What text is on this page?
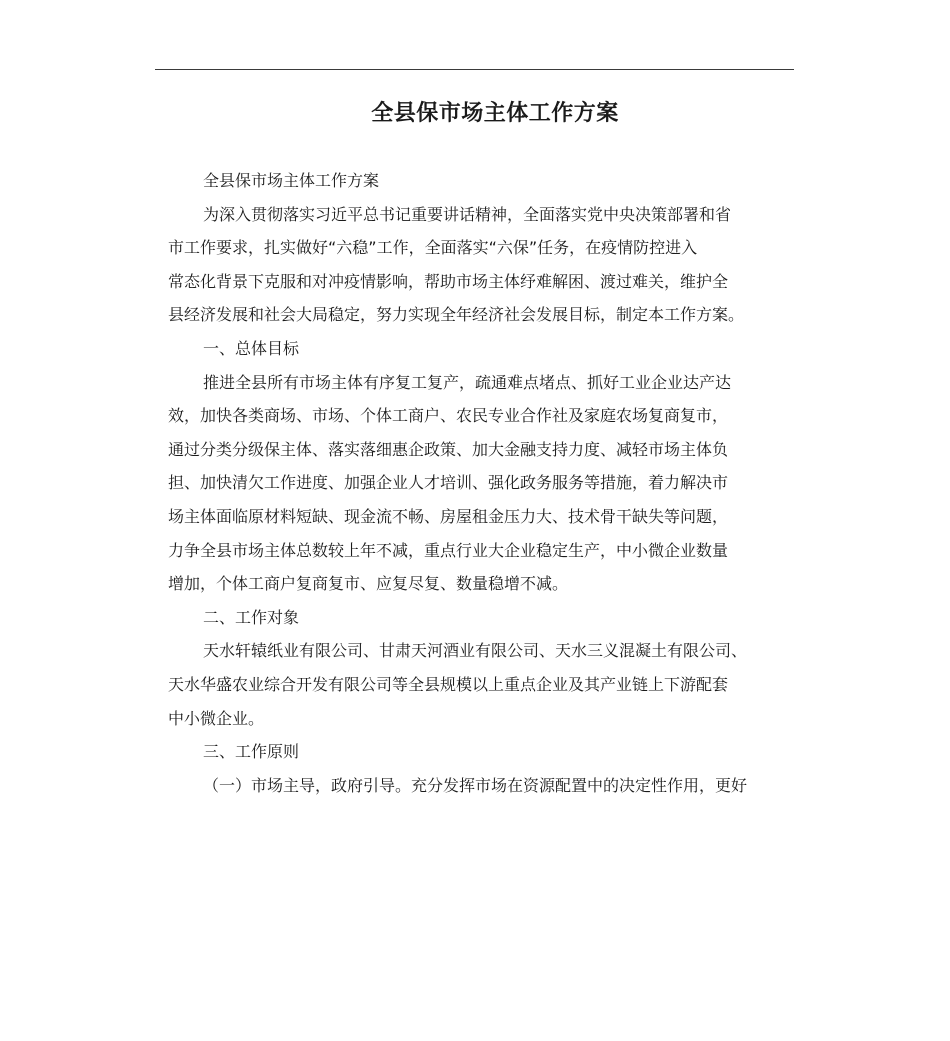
全县保市场主体工作方案
全县保市场主体工作方案
为深入贯彻落实习近平总书记重要讲话精神，全面落实党中央决策部署和省
市工作要求，扎实做好“六稳”工作，全面落实“六保”任务，在疫情防控进入
常态化背景下克服和对冲疫情影响，帮助市场主体纾难解困、渡过难关，维护全
县经济发展和社会大局稳定，努力实现全年经济社会发展目标，制定本工作方案。
一、总体目标
推进全县所有市场主体有序复工复产，疏通难点堵点、抓好工业企业达产达
效，加快各类商场、市场、个体工商户、农民专业合作社及家庭农场复商复市，
通过分类分级保主体、落实落细惠企政策、加大金融支持力度、减轻市场主体负
担、加快清欠工作进度、加强企业人才培训、强化政务服务等措施，着力解决市
场主体面临原材料短缺、现金流不畅、房屋租金压力大、技术骨干缺失等问题，
力争全县市场主体总数较上年不减，重点行业大企业稳定生产，中小微企业数量
增加，个体工商户复商复市、应复尽复、数量稳增不减。
二、工作对象
天水轩辕纸业有限公司、甘肃天河酒业有限公司、天水三义混凝土有限公司、
天水华盛农业综合开发有限公司等全县规模以上重点企业及其产业链上下游配套
中小微企业。
三、工作原则
（一）市场主导，政府引导。充分发挥市场在资源配置中的决定性作用，更好
